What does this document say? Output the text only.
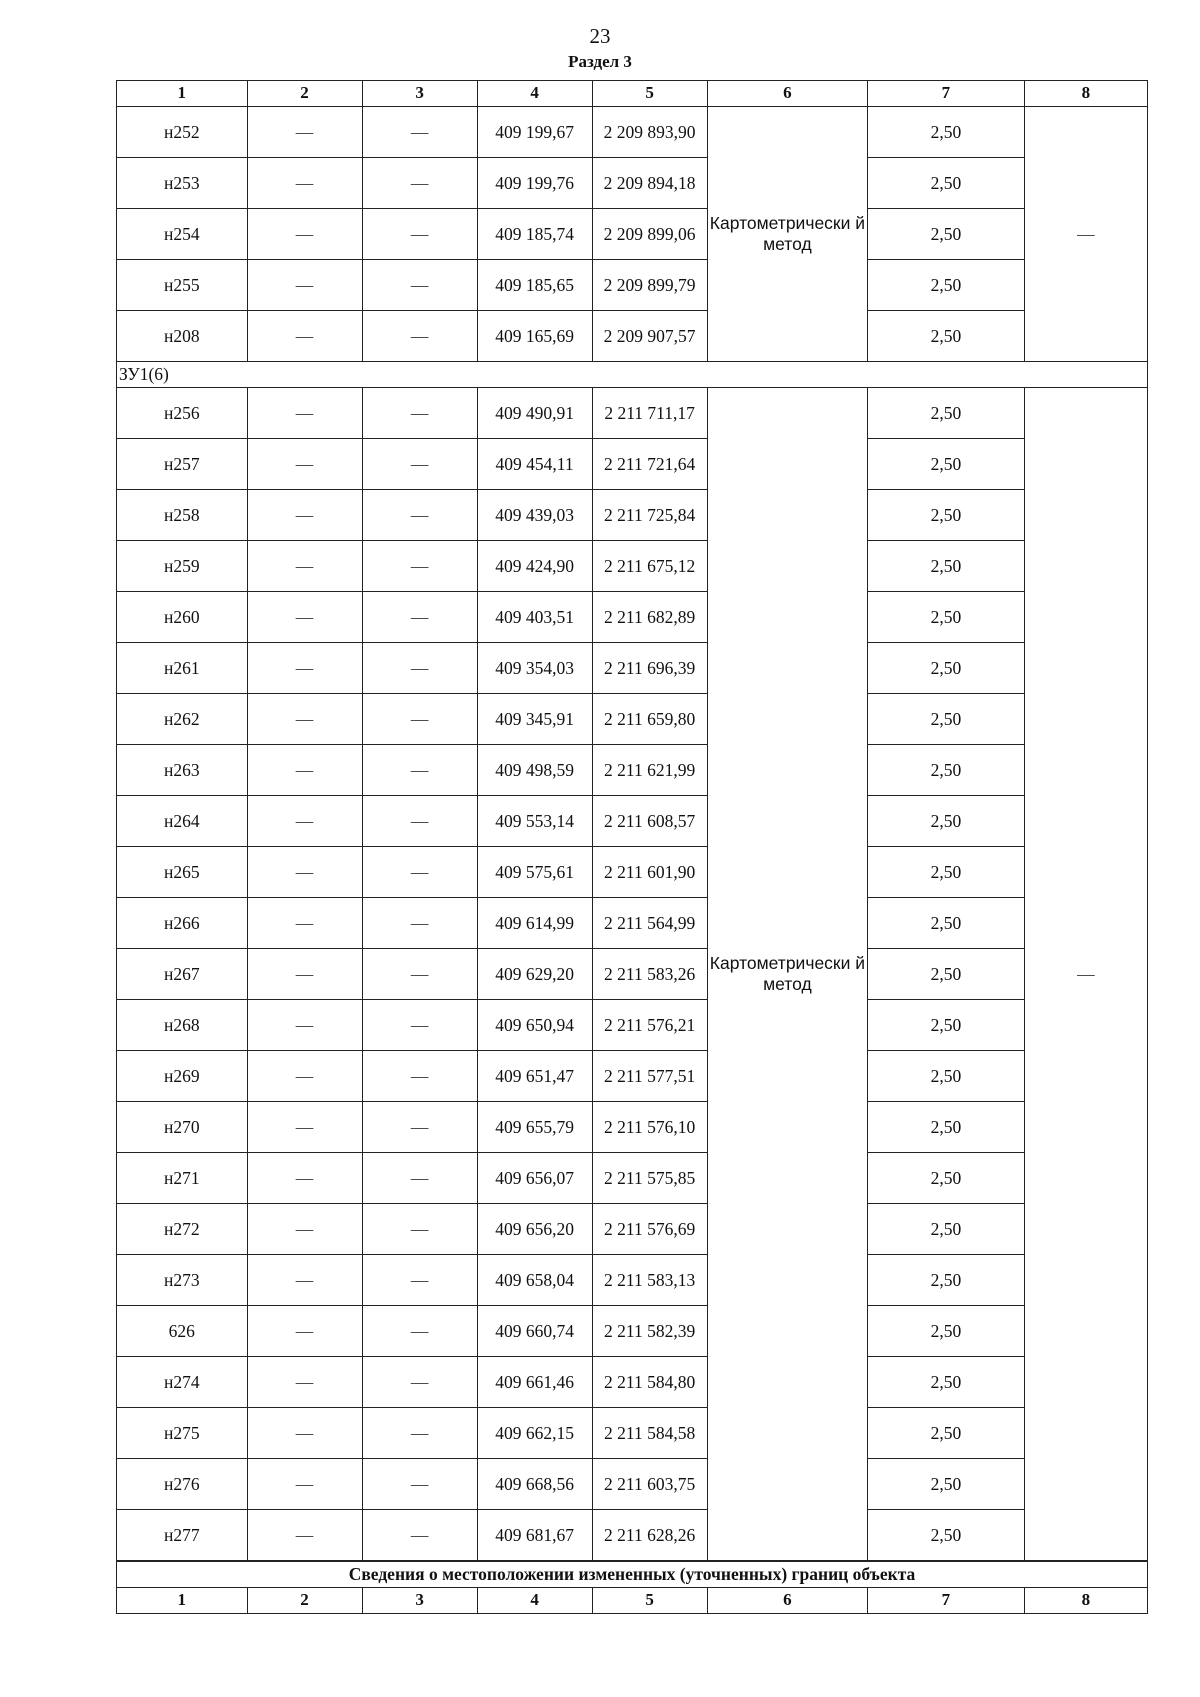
23
Раздел 3
1	2	3	4	5	6	7	8
н252	—	—	409 199,67	2 209 893,90	Картометрически й метод	2,50	—
н253	—	—	409 199,76	2 209 894,18		2,50	
н254	—	—	409 185,74	2 209 899,06		2,50	
н255	—	—	409 185,65	2 209 899,79		2,50	
н208	—	—	409 165,69	2 209 907,57		2,50	
ЗУ1(6)							
н256	—	—	409 490,91	2 211 711,17	Картометрически й метод	2,50	—
н257	—	—	409 454,11	2 211 721,64		2,50	
н258	—	—	409 439,03	2 211 725,84		2,50	
н259	—	—	409 424,90	2 211 675,12		2,50	
н260	—	—	409 403,51	2 211 682,89		2,50	
н261	—	—	409 354,03	2 211 696,39		2,50	
н262	—	—	409 345,91	2 211 659,80		2,50	
н263	—	—	409 498,59	2 211 621,99		2,50	
н264	—	—	409 553,14	2 211 608,57		2,50	
н265	—	—	409 575,61	2 211 601,90		2,50	
н266	—	—	409 614,99	2 211 564,99		2,50	
н267	—	—	409 629,20	2 211 583,26		2,50	
н268	—	—	409 650,94	2 211 576,21		2,50	
н269	—	—	409 651,47	2 211 577,51		2,50	
н270	—	—	409 655,79	2 211 576,10		2,50	
н271	—	—	409 656,07	2 211 575,85		2,50	
н272	—	—	409 656,20	2 211 576,69		2,50	
н273	—	—	409 658,04	2 211 583,13		2,50	
626	—	—	409 660,74	2 211 582,39		2,50	
н274	—	—	409 661,46	2 211 584,80		2,50	
н275	—	—	409 662,15	2 211 584,58		2,50	
н276	—	—	409 668,56	2 211 603,75		2,50	
н277	—	—	409 681,67	2 211 628,26		2,50	
Сведения о местоположении измененных (уточненных) границ объекта							
1	2	3	4	5	6	7	8
